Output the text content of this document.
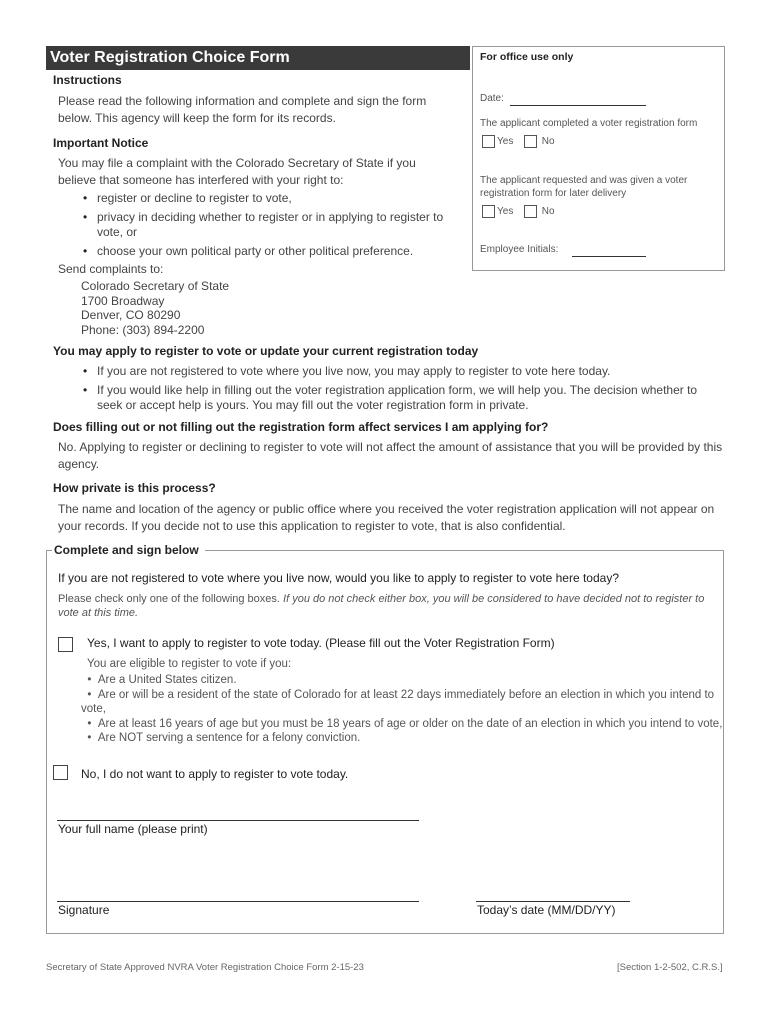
Voter Registration Choice Form
Instructions
Please read the following information and complete and sign the form below. This agency will keep the form for its records.
Important Notice
You may file a complaint with the Colorado Secretary of State if you believe that someone has interfered with your right to:
• register or decline to register to vote,
• privacy in deciding whether to register or in applying to register to vote, or
• choose your own political party or other political preference.
Send complaints to:
Colorado Secretary of State
1700 Broadway
Denver, CO 80290
Phone: (303) 894-2200
For office use only
Date:
The applicant completed a voter registration form
Yes	No
The applicant requested and was given a voter registration form for later delivery
Yes	No
Employee Initials:
You may apply to register to vote or update your current registration today
• If you are not registered to vote where you live now, you may apply to register to vote here today.
• If you would like help in filling out the voter registration application form, we will help you. The decision whether to seek or accept help is yours. You may fill out the voter registration form in private.
Does filling out or not filling out the registration form affect services I am applying for?
No. Applying to register or declining to register to vote will not affect the amount of assistance that you will be provided by this agency.
How private is this process?
The name and location of the agency or public office where you received the voter registration application will not appear on your records. If you decide not to use this application to register to vote, that is also confidential.
Complete and sign below
If you are not registered to vote where you live now, would you like to apply to register to vote here today?
Please check only one of the following boxes. If you do not check either box, you will be considered to have decided not to register to vote at this time.
Yes, I want to apply to register to vote today. (Please fill out the Voter Registration Form)
You are eligible to register to vote if you:
•  Are a United States citizen.
•  Are or will be a resident of the state of Colorado for at least 22 days immediately before an election in which you intend to vote,
•  Are at least 16 years of age but you must be 18 years of age or older on the date of an election in which you intend to vote,
•  Are NOT serving a sentence for a felony conviction.
No, I do not want to apply to register to vote today.
Your full name (please print)
Signature	Today’s date (MM/DD/YY)
Secretary of State Approved NVRA Voter Registration Choice Form 2-15-23	[Section 1-2-502, C.R.S.]
